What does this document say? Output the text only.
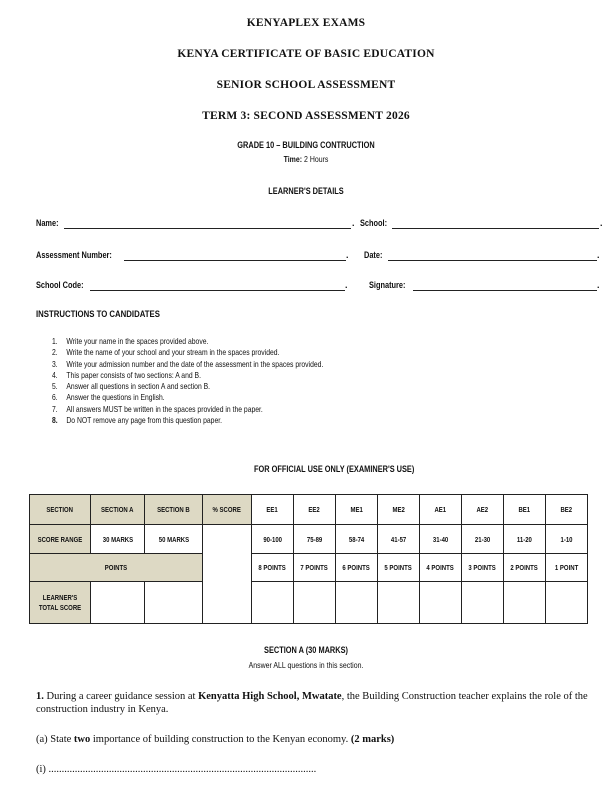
KENYAPLEX EXAMS
KENYA CERTIFICATE OF BASIC EDUCATION
SENIOR SCHOOL ASSESSMENT
TERM 3: SECOND ASSESSMENT 2026
GRADE 10 – BUILDING CONTRUCTION
Time: 2 Hours
LEARNER'S DETAILS
Name:	. School:	.
Assessment Number:	. Date:	.
School Code:	. Signature:	.
INSTRUCTIONS TO CANDIDATES
1. Write your name in the spaces provided above.
2. Write the name of your school and your stream in the spaces provided.
3. Write your admission number and the date of the assessment in the spaces provided.
4. This paper consists of two sections: A and B.
5. Answer all questions in section A and section B.
6. Answer the questions in English.
7. All answers MUST be written in the spaces provided in the paper.
8. Do NOT remove any page from this question paper.
FOR OFFICIAL USE ONLY (EXAMINER'S USE)
SECTION	SECTION A	SECTION B	% SCORE	EE1	EE2	ME1	ME2	AE1	AE2	BE1	BE2
SCORE RANGE	30 MARKS	50 MARKS		90-100	75-89	58-74	41-57	31-40	21-30	11-20	1-10
POINTS				8 POINTS	7 POINTS	6 POINTS	5 POINTS	4 POINTS	3 POINTS	2 POINTS	1 POINT
LEARNER'S TOTAL SCORE											
SECTION A (30 MARKS)
Answer ALL questions in this section.
1. During a career guidance session at Kenyatta High School, Mwatate, the Building Construction teacher explains the role of the construction industry in Kenya.
(a) State two importance of building construction to the Kenyan economy. (2 marks)
(i) ......................................................................................................
